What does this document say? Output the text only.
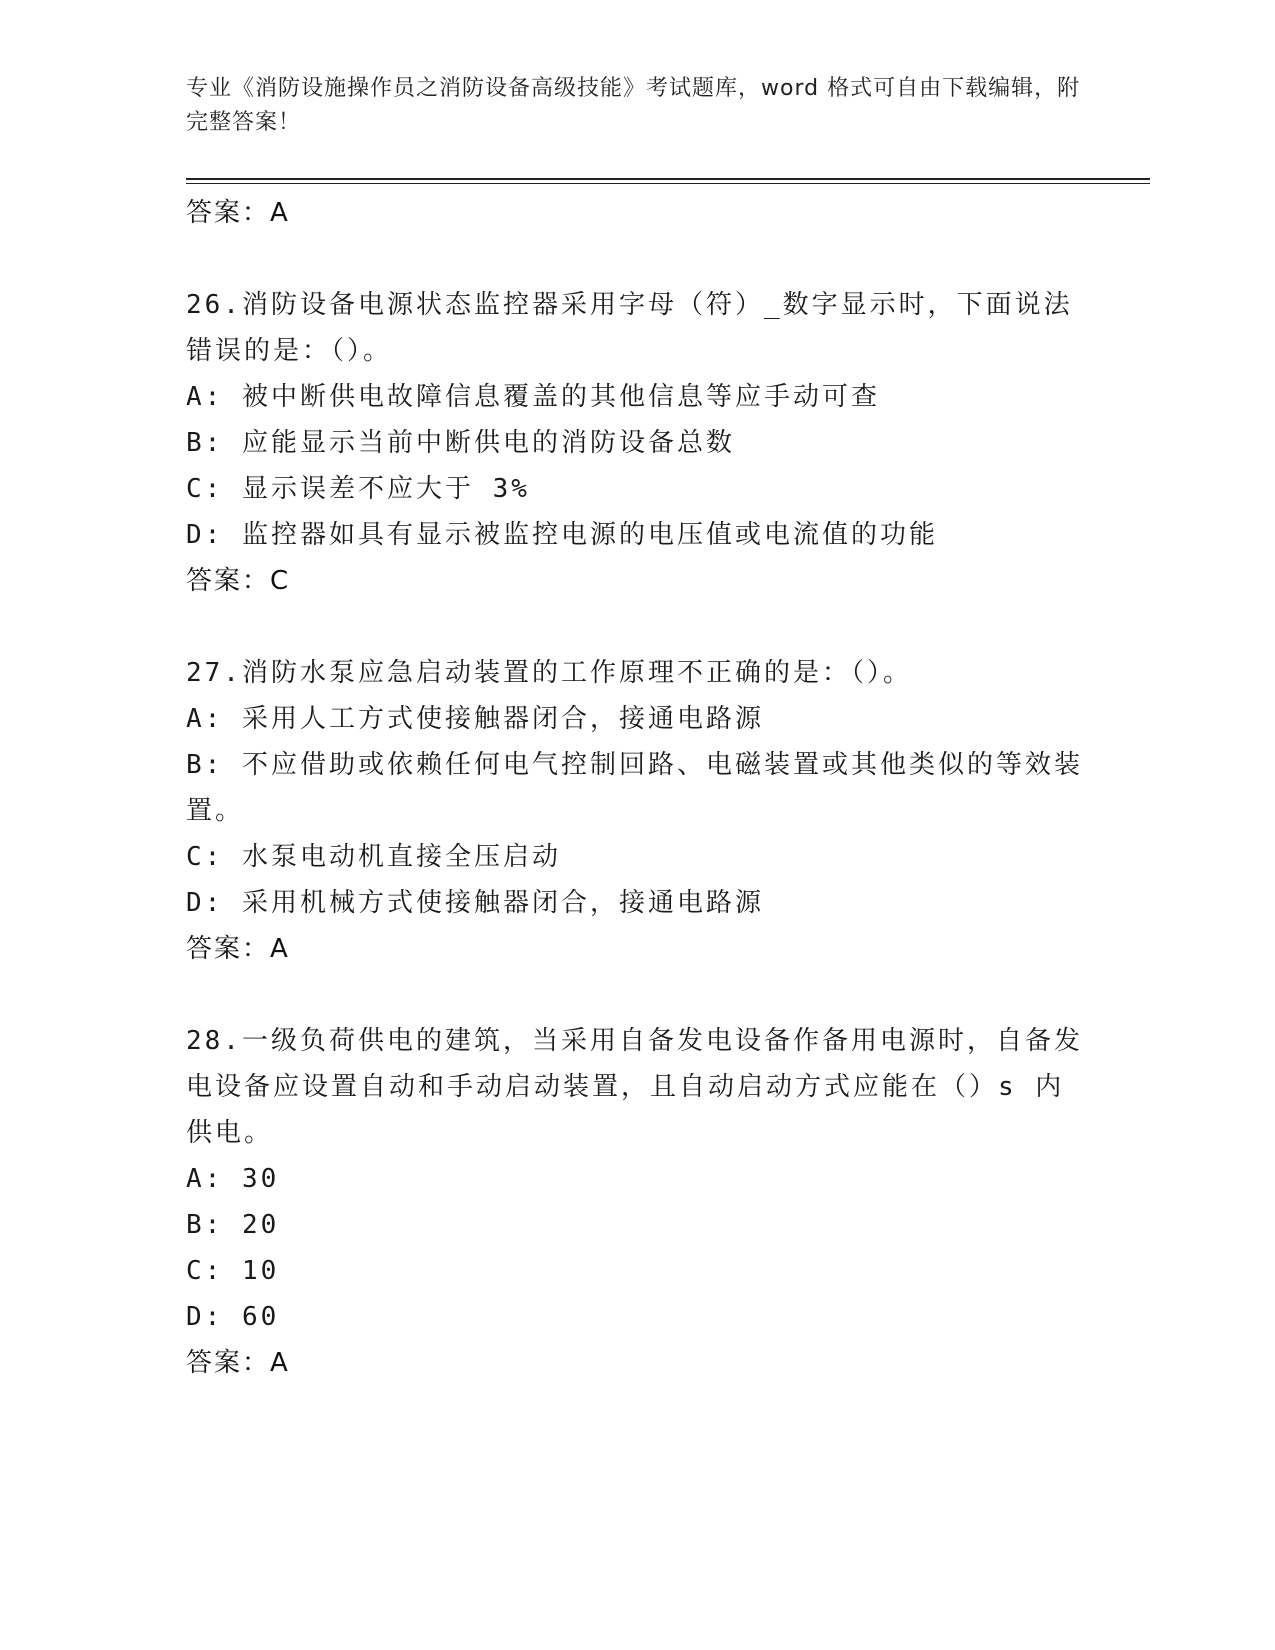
专业《消防设施操作员之消防设备高级技能》考试题库，word 格式可自由下载编辑，附完整答案！
答案：A
26.消防设备电源状态监控器采用字母（符）_数字显示时，下面说法错误的是：（）。
A: 被中断供电故障信息覆盖的其他信息等应手动可查
B: 应能显示当前中断供电的消防设备总数
C: 显示误差不应大于 3%
D: 监控器如具有显示被监控电源的电压值或电流值的功能
答案：C
27.消防水泵应急启动装置的工作原理不正确的是：（）。
A: 采用人工方式使接触器闭合，接通电路源
B: 不应借助或依赖任何电气控制回路、电磁装置或其他类似的等效装置。
C: 水泵电动机直接全压启动
D: 采用机械方式使接触器闭合，接通电路源
答案：A
28.一级负荷供电的建筑，当采用自备发电设备作备用电源时，自备发电设备应设置自动和手动启动装置，且自动启动方式应能在（）s 内供电。
A: 30
B: 20
C: 10
D: 60
答案：A
